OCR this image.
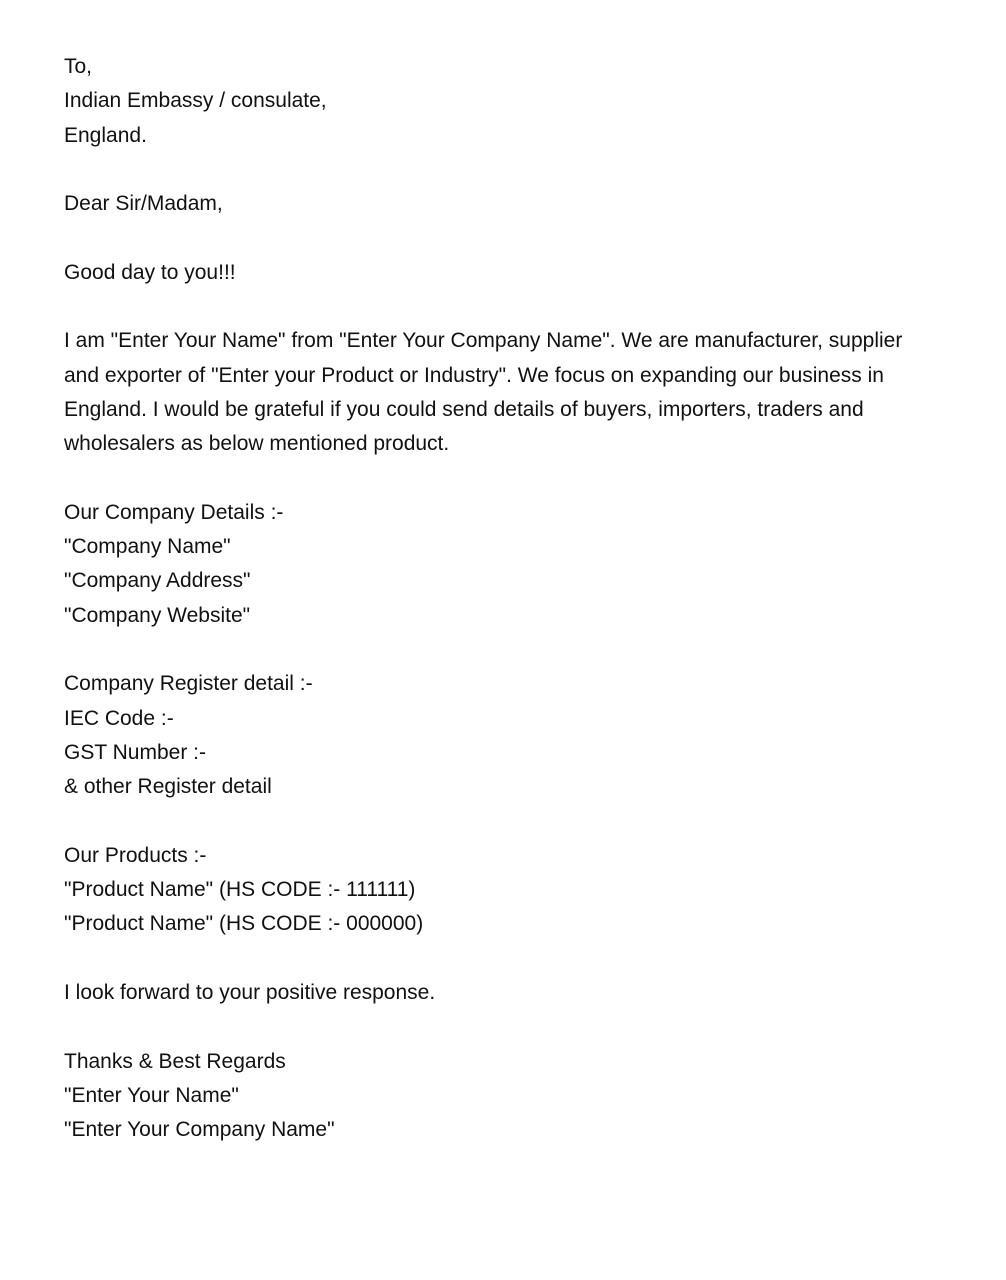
To,
Indian Embassy / consulate,
England.
Dear Sir/Madam,
Good day to you!!!
I am "Enter Your Name" from "Enter Your Company Name". We are manufacturer, supplier
and exporter of "Enter your Product or Industry". We focus on expanding our business in
England. I would be grateful if you could send details of buyers, importers, traders and
wholesalers as below mentioned product.
Our Company Details :-
"Company Name"
"Company Address"
"Company Website"
Company Register detail :-
IEC Code :-
GST Number :-
& other Register detail
Our Products :-
"Product Name" (HS CODE :- 111111)
"Product Name" (HS CODE :- 000000)
I look forward to your positive response.
Thanks & Best Regards
"Enter Your Name"
"Enter Your Company Name"
